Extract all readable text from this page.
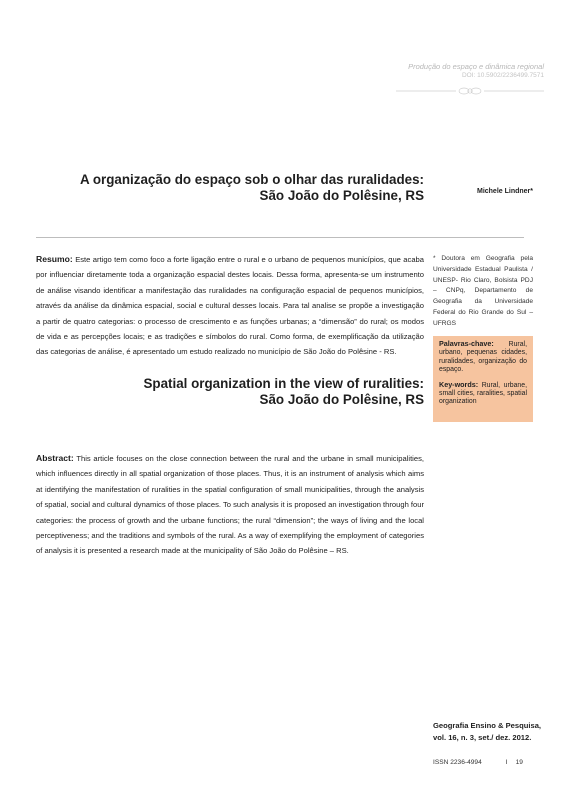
Produção do espaço e dinâmica regional
DOI: 10.5902/2236499.7571
A organização do espaço sob o olhar das ruralidades:
São João do Polêsine, RS	Michele Lindner*
Resumo: Este artigo tem como foco a forte ligação entre o rural e o urbano de pequenos municípios, que acaba por influenciar diretamente toda a organização espacial destes locais. Dessa forma, apresenta-se um instrumento de análise visando identificar a manifestação das ruralidades na configuração espacial de pequenos municípios, através da análise da dinâmica espacial, social e cultural desses locais. Para tal analise se propõe a investigação a partir de quatro categorias: o processo de crescimento e as funções urbanas; a “dimensão” do rural; os modos de vida e as percepções locais; e as tradições e símbolos do rural. Como forma, de exemplificação da utilização das categorias de análise, é apresentado um estudo realizado no município de São João do Polêsine - RS.
* Doutora em Geografia pela Universidade Estadual Paulista / UNESP- Rio Claro, Bolsista PDJ – CNPq, Departamento de Geografia da Universidade Federal do Rio Grande do Sul – UFRGS
Palavras-chave: Rural, urbano, pequenas cidades, ruralidades, organização do espaço.
Key-words: Rural, urbane, small cities, raralities, spatial organization
Spatial organization in the view of ruralities:
São João do Polêsine, RS
Abstract: This article focuses on the close connection between the rural and the urbane in small municipalities, which influences directly in all spatial organization of those places. Thus, it is an instrument of analysis which aims at identifying the manifestation of ruralities in the spatial configuration of small municipalities, through the analysis of spatial, social and cultural dynamics of those places. To such analysis it is proposed an investigation through four categories: the process of growth and the urbane functions; the rural “dimension”; the ways of living and the local perceptiveness; and the traditions and symbols of the rural. As a way of exemplifying the employment of categories of analysis it is presented a research made at the municipality of São João do Polêsine – RS.
Geografia Ensino & Pesquisa,
vol. 16, n. 3, set./ dez. 2012.
ISSN 2236-4994	I 19
